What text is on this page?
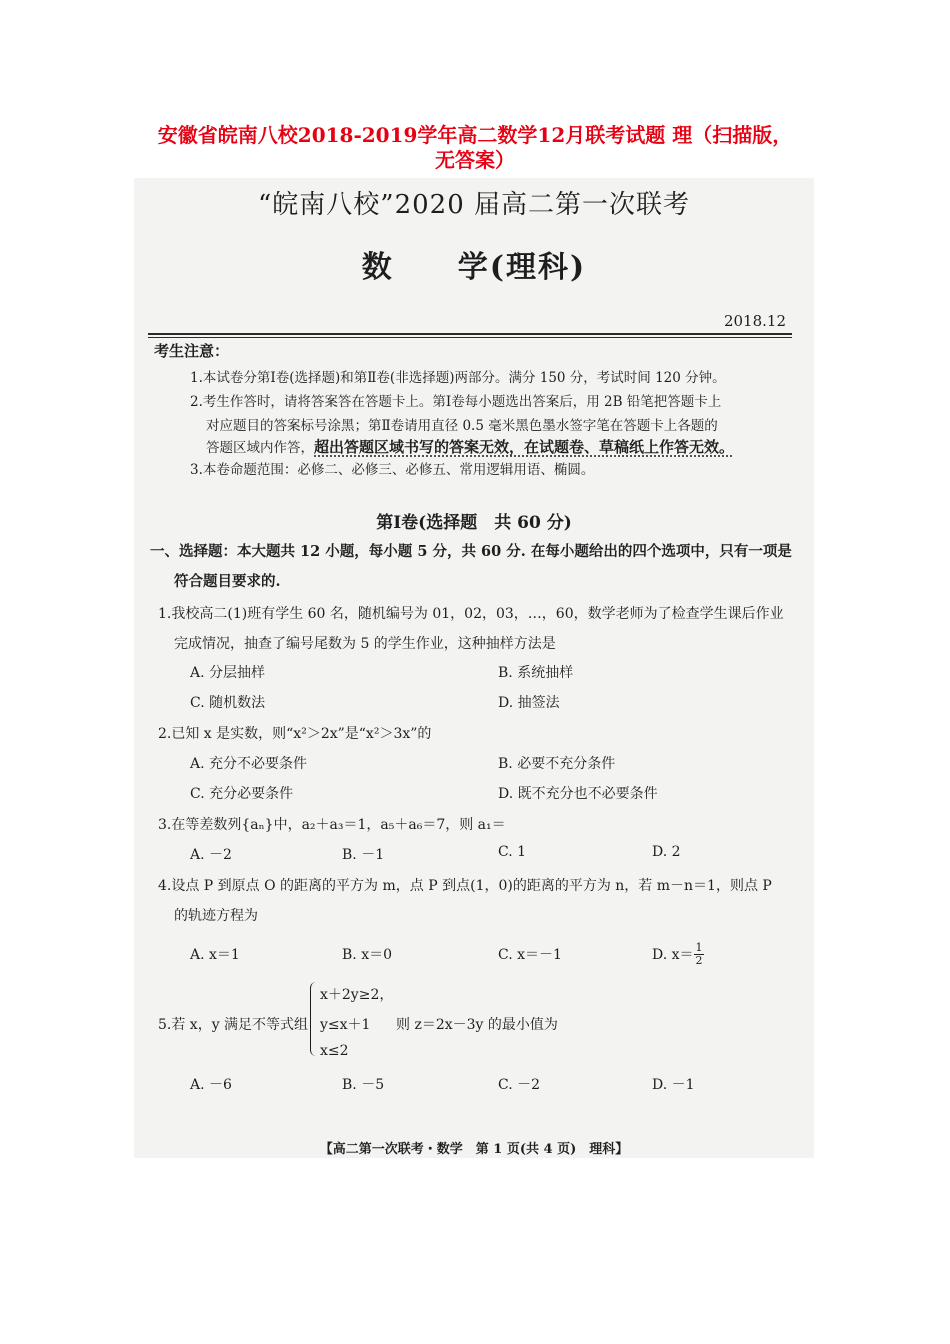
安徽省皖南八校2018-2019学年高二数学12月联考试题 理（扫描版，
无答案）
“皖南八校”2020 届高二第一次联考
数　　学(理科)
2018.12
考生注意：
1.本试卷分第Ⅰ卷(选择题)和第Ⅱ卷(非选择题)两部分。满分 150 分，考试时间 120 分钟。
2.考生作答时，请将答案答在答题卡上。第Ⅰ卷每小题选出答案后，用 2B 铅笔把答题卡上
对应题目的答案标号涂黑；第Ⅱ卷请用直径 0.5 毫米黑色墨水签字笔在答题卡上各题的
答题区域内作答，超出答题区域书写的答案无效，在试题卷、草稿纸上作答无效。
3.本卷命题范围：必修二、必修三、必修五、常用逻辑用语、椭圆。
第Ⅰ卷(选择题　共 60 分)
一、选择题：本大题共 12 小题，每小题 5 分，共 60 分. 在每小题给出的四个选项中，只有一项是
符合题目要求的.
1.我校高二(1)班有学生 60 名，随机编号为 01，02，03，…，60，数学老师为了检查学生课后作业
完成情况，抽查了编号尾数为 5 的学生作业，这种抽样方法是
A. 分层抽样	B. 系统抽样
C. 随机数法	D. 抽签法
2.已知 x 是实数，则“x²＞2x”是“x²＞3x”的
A. 充分不必要条件	B. 必要不充分条件
C. 充分必要条件	D. 既不充分也不必要条件
3.在等差数列{aₙ}中，a₂＋a₃＝1，a₅＋a₆＝7，则 a₁＝
A. －2	B. －1	C. 1	D. 2
4.设点 P 到原点 O 的距离的平方为 m，点 P 到点(1，0)的距离的平方为 n，若 m－n＝1，则点 P
的轨迹方程为
A. x＝1	B. x＝0	C. x＝－1	D. x＝ 1
2
5.若 x，y 满足不等式组
x＋2y≥2，
y≤x＋1
x≤2
则 z＝2x－3y 的最小值为
A. －6	B. －5	C. －2	D. －1
【高二第一次联考・数学　第 1 页(共 4 页)　理科】
